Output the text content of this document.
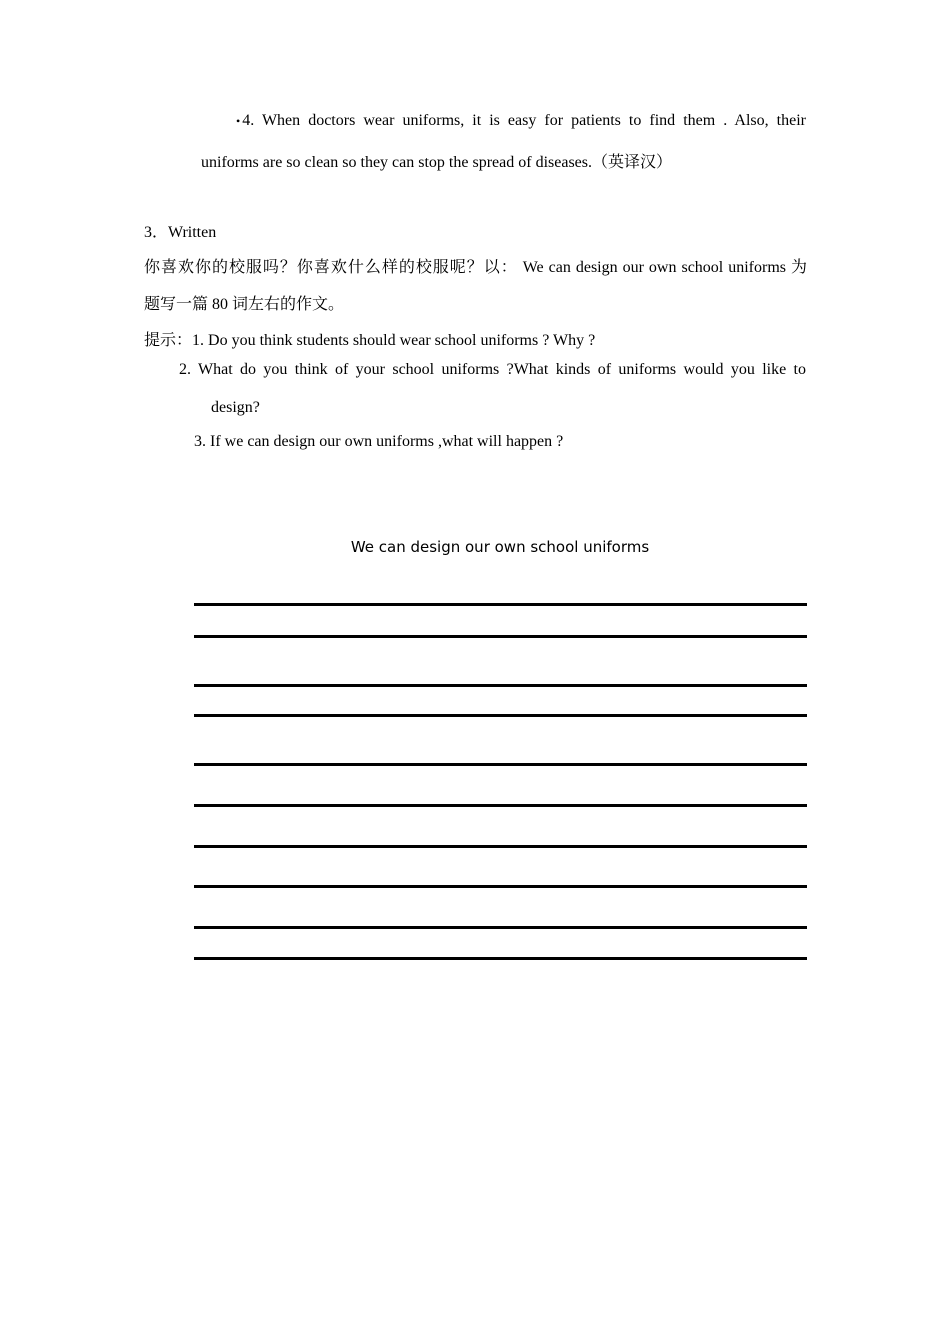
• 4. When doctors wear uniforms, it is easy for patients to find them . Also, their
uniforms are so clean so they can stop the spread of diseases.（英译汉）
3．Written
你喜欢你的校服吗？你喜欢什么样的校服呢？以： We can design our own school uniforms 为
题写一篇 80 词左右的作文。
提示：1. Do you think students should wear school uniforms ? Why ?
2. What do you think of your school uniforms ?What kinds of uniforms would you like to
design?
3. If we can design our own uniforms ,what will happen ?
We can design our own school uniforms
